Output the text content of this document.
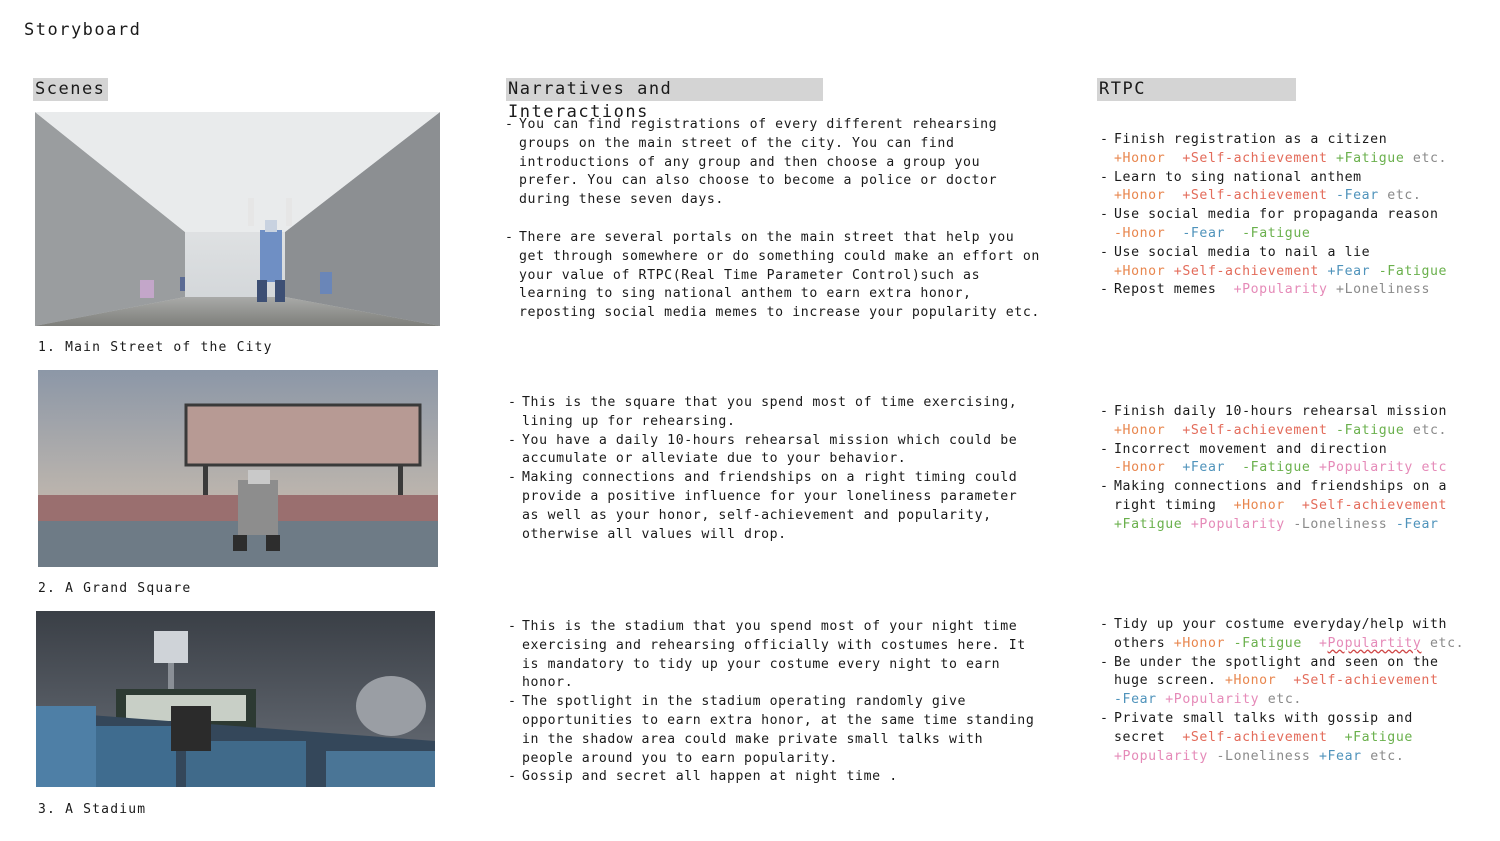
Storyboard
Scenes	Narratives and Interactions
RTPC
1. Main Street of the City
2. A Grand Square
3. A Stadium
- You can find registrations of every different rehearsing
groups on the main street of the city. You can find
introductions of any group and then choose a group you
prefer. You can also choose to become a police or doctor
during these seven days.
- There are several portals on the main street that help you
get through somewhere or do something could make an effort on
your value of RTPC(Real Time Parameter Control)such as
learning to sing national anthem to earn extra honor,
reposting social media memes to increase your popularity etc.
- This is the square that you spend most of time exercising,
lining up for rehearsing.
- You have a daily 10-hours rehearsal mission which could be
accumulate or alleviate due to your behavior.
- Making connections and friendships on a right timing could
provide a positive influence for your loneliness parameter
as well as your honor, self-achievement and popularity,
otherwise all values will drop.
- This is the stadium that you spend most of your night time
exercising and rehearsing officially with costumes here. It
is mandatory to tidy up your costume every night to earn
honor.
- The spotlight in the stadium operating randomly give
opportunities to earn extra honor, at the same time standing
in the shadow area could make private small talks with
people around you to earn popularity.
- Gossip and secret all happen at night time .
- Finish registration as a citizen
+Honor  +Self-achievement +Fatigue etc.
- Learn to sing national anthem
+Honor  +Self-achievement -Fear etc.
- Use social media for propaganda reason
-Honor  -Fear  -Fatigue
- Use social media to nail a lie
+Honor +Self-achievement +Fear -Fatigue
- Repost memes  +Popularity +Loneliness
- Finish daily 10-hours rehearsal mission
+Honor  +Self-achievement -Fatigue etc.
- Incorrect movement and direction
-Honor  +Fear  -Fatigue +Popularity etc
- Making connections and friendships on a
right timing  +Honor  +Self-achievement
+Fatigue +Popularity -Loneliness -Fear
- Tidy up your costume everyday/help with
others +Honor -Fatigue  +Populartity etc.
- Be under the spotlight and seen on the
huge screen. +Honor  +Self-achievement
-Fear +Popularity etc.
- Private small talks with gossip and
secret  +Self-achievement  +Fatigue
+Popularity -Loneliness +Fear etc.
